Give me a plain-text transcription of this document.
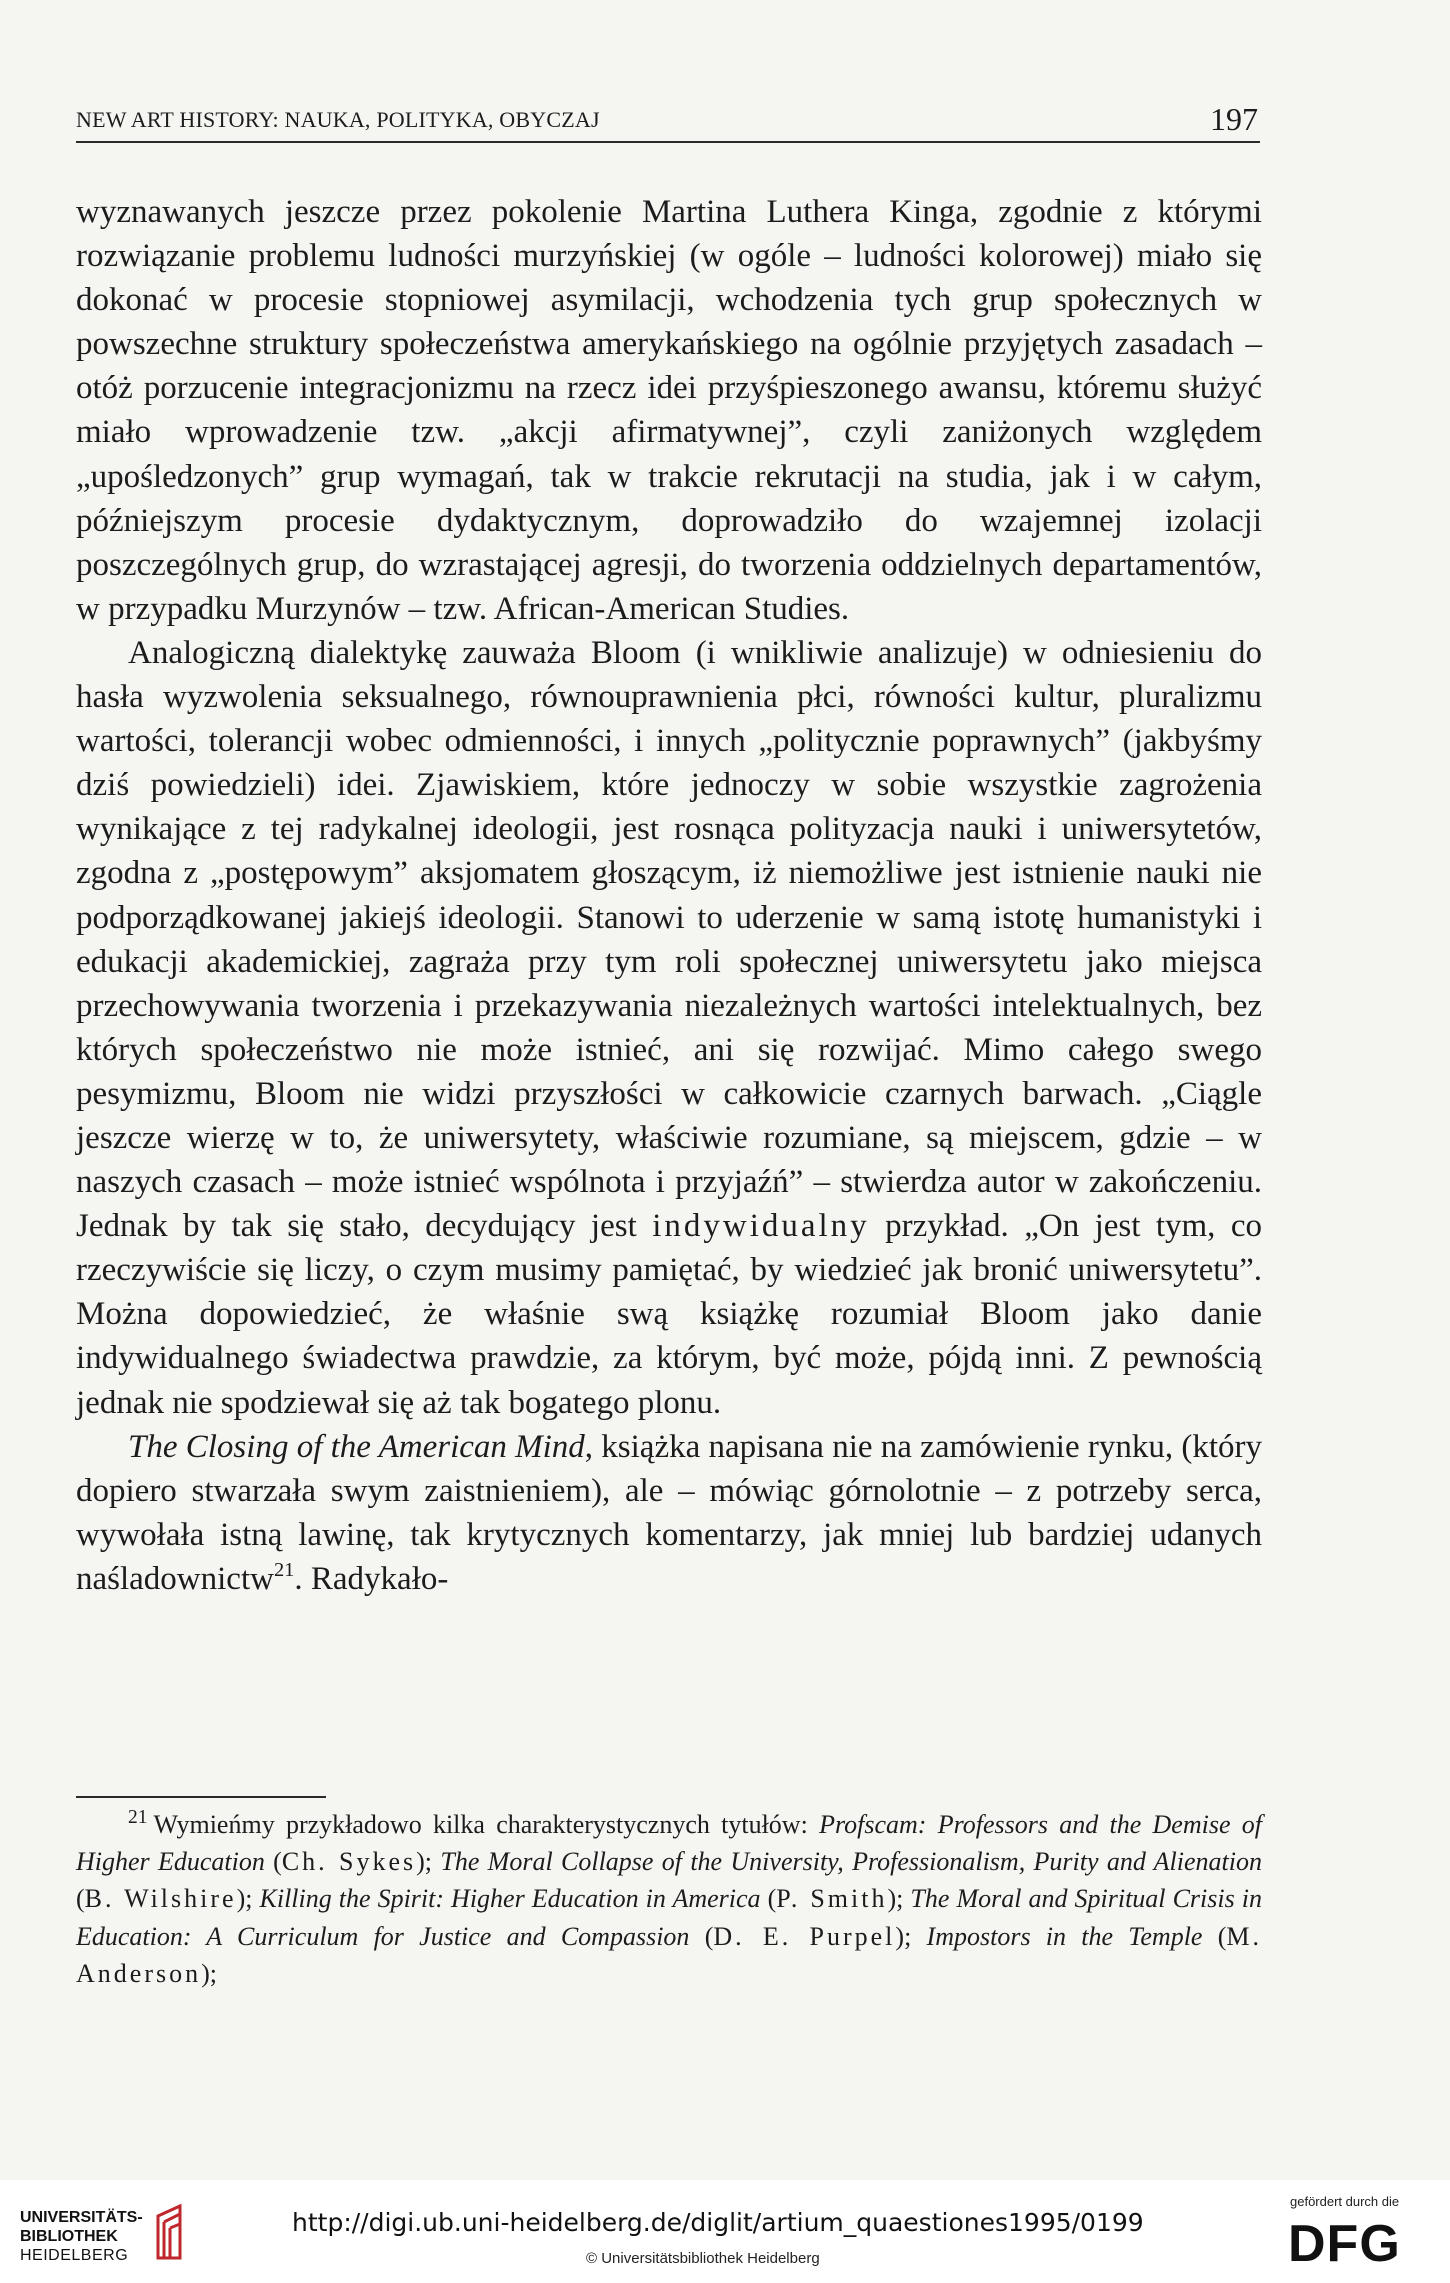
NEW ART HISTORY: NAUKA, POLITYKA, OBYCZAJ	197

wyznawanych jeszcze przez pokolenie Martina Luthera Kinga, zgodnie z którymi rozwiązanie problemu ludności murzyńskiej (w ogóle – ludności kolorowej) miało się dokonać w procesie stopniowej asymilacji, wchodzenia tych grup społecznych w powszechne struktury społeczeństwa amerykańskiego na ogólnie przyjętych zasadach – otóż porzucenie integracjonizmu na rzecz idei przyśpieszonego awansu, któremu służyć miało wprowadzenie tzw. „akcji afirmatywnej”, czyli zaniżonych względem „upośledzonych” grup wymagań, tak w trakcie rekrutacji na studia, jak i w całym, późniejszym procesie dydaktycznym, doprowadziło do wzajemnej izolacji poszczególnych grup, do wzrastającej agresji, do tworzenia oddzielnych departamentów, w przypadku Murzynów – tzw. African-American Studies.

Analogiczną dialektykę zauważa Bloom (i wnikliwie analizuje) w odniesieniu do hasła wyzwolenia seksualnego, równouprawnienia płci, równości kultur, pluralizmu wartości, tolerancji wobec odmienności, i innych „politycznie poprawnych” (jakbyśmy dziś powiedzieli) idei. Zjawiskiem, które jednoczy w sobie wszystkie zagrożenia wynikające z tej radykalnej ideologii, jest rosnąca polityzacja nauki i uniwersytetów, zgodna z „postępowym” aksjomatem głoszącym, iż niemożliwe jest istnienie nauki nie podporządkowanej jakiejś ideologii. Stanowi to uderzenie w samą istotę humanistyki i edukacji akademickiej, zagraża przy tym roli społecznej uniwersytetu jako miejsca przechowywania tworzenia i przekazywania niezależnych wartości intelektualnych, bez których społeczeństwo nie może istnieć, ani się rozwijać. Mimo całego swego pesymizmu, Bloom nie widzi przyszłości w całkowicie czarnych barwach. „Ciągle jeszcze wierzę w to, że uniwersytety, właściwie rozumiane, są miejscem, gdzie – w naszych czasach – może istnieć wspólnota i przyjaźń” – stwierdza autor w zakończeniu. Jednak by tak się stało, decydujący jest indywidualny przykład. „On jest tym, co rzeczywiście się liczy, o czym musimy pamiętać, by wiedzieć jak bronić uniwersytetu”. Można dopowiedzieć, że właśnie swą książkę rozumiał Bloom jako danie indywidualnego świadectwa prawdzie, za którym, być może, pójdą inni. Z pewnością jednak nie spodziewał się aż tak bogatego plonu.

The Closing of the American Mind, książka napisana nie na zamówienie rynku, (który dopiero stwarzała swym zaistnieniem), ale – mówiąc górnolotnie – z potrzeby serca, wywołała istną lawinę, tak krytycznych komentarzy, jak mniej lub bardziej udanych naśladownictw$^{21}$. Radykało-

$^{21}$ Wymieńmy przykładowo kilka charakterystycznych tytułów: Profscam: Professors and the Demise of Higher Education (Ch. Sykes); The Moral Collapse of the University, Professionalism, Purity and Alienation (B. Wilshire); Killing the Spirit: Higher Education in America (P. Smith); The Moral and Spiritual Crisis in Education: A Curriculum for Justice and Compassion (D. E. Purpel); Impostors in the Temple (M. Anderson);

UNIVERSITÄTS-
BIBLIOTHEK
HEIDELBERG
http://digi.ub.uni-heidelberg.de/diglit/artium_quaestiones1995/0199
© Universitätsbibliothek Heidelberg
gefördert durch die
DFG
